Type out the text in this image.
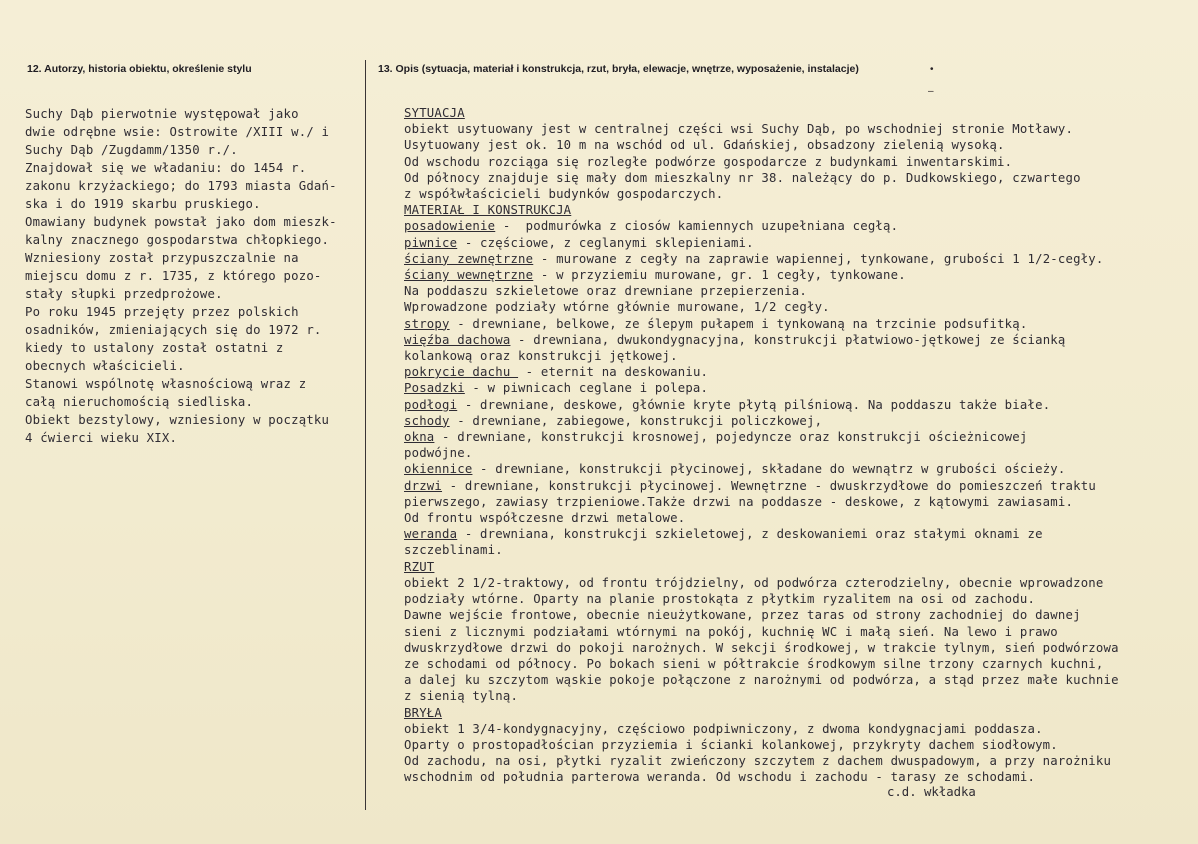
12. Autorzy, historia obiektu, określenie stylu	13. Opis (sytuacja, materiał i konstrukcja, rzut, bryła, elewacje, wnętrze, wyposażenie, instalacje)	•
–
Suchy Dąb pierwotnie występował jako
dwie odrębne wsie: Ostrowite /XIII w./ i
Suchy Dąb /Zugdamm/1350 r./.
Znajdował się we władaniu: do 1454 r.
zakonu krzyżackiego; do 1793 miasta Gdań-
ska i do 1919 skarbu pruskiego.
Omawiany budynek powstał jako dom mieszk-
kalny znacznego gospodarstwa chłopkiego.
Wzniesiony został przypuszczalnie na
miejscu domu z r. 1735, z którego pozo-
stały słupki przedprożowe.
Po roku 1945 przejęty przez polskich
osadników, zmieniających się do 1972 r.
kiedy to ustalony został ostatni z
obecnych właścicieli.
Stanowi wspólnotę własnościową wraz z
całą nieruchomością siedliska.
Obiekt bezstylowy, wzniesiony w początku
4 ćwierci wieku XIX.
SYTUACJA
obiekt usytuowany jest w centralnej części wsi Suchy Dąb, po wschodniej stronie Motławy.
Usytuowany jest ok. 10 m na wschód od ul. Gdańskiej, obsadzony zielenią wysoką.
Od wschodu rozciąga się rozległe podwórze gospodarcze z budynkami inwentarskimi.
Od północy znajduje się mały dom mieszkalny nr 38. należący do p. Dudkowskiego, czwartego
z współwłaścicieli budynków gospodarczych.
MATERIAŁ I KONSTRUKCJA
posadowienie -  podmurówka z ciosów kamiennych uzupełniana cegłą.
piwnice - częściowe, z ceglanymi sklepieniami.
ściany zewnętrzne - murowane z cegły na zaprawie wapiennej, tynkowane, grubości 1 1/2-cegły.
ściany wewnętrzne - w przyziemiu murowane, gr. 1 cegły, tynkowane.
Na poddaszu szkieletowe oraz drewniane przepierzenia.
Wprowadzone podziały wtórne głównie murowane, 1/2 cegły.
stropy - drewniane, belkowe, ze ślepym pułapem i tynkowaną na trzcinie podsufitką.
więźba dachowa - drewniana, dwukondygnacyjna, konstrukcji płatwiowo-jętkowej ze ścianką
kolankową oraz konstrukcji jętkowej.
pokrycie dachu  - eternit na deskowaniu.
Posadzki - w piwnicach ceglane i polepa.
podłogi - drewniane, deskowe, głównie kryte płytą pilśniową. Na poddaszu także białe.
schody - drewniane, zabiegowe, konstrukcji policzkowej,
okna - drewniane, konstrukcji krosnowej, pojedyncze oraz konstrukcji ościeżnicowej
podwójne.
okiennice - drewniane, konstrukcji płycinowej, składane do wewnątrz w grubości ościeży.
drzwi - drewniane, konstrukcji płycinowej. Wewnętrzne - dwuskrzydłowe do pomieszczeń traktu
pierwszego, zawiasy trzpieniowe.Także drzwi na poddasze - deskowe, z kątowymi zawiasami.
Od frontu współczesne drzwi metalowe.
weranda - drewniana, konstrukcji szkieletowej, z deskowaniemi oraz stałymi oknami ze
szczeblinami.
RZUT
obiekt 2 1/2-traktowy, od frontu trójdzielny, od podwórza czterodzielny, obecnie wprowadzone
podziały wtórne. Oparty na planie prostokąta z płytkim ryzalitem na osi od zachodu.
Dawne wejście frontowe, obecnie nieużytkowane, przez taras od strony zachodniej do dawnej
sieni z licznymi podziałami wtórnymi na pokój, kuchnię WC i małą sień. Na lewo i prawo
dwuskrzydłowe drzwi do pokoji narożnych. W sekcji środkowej, w trakcie tylnym, sień podwórzowa
ze schodami od północy. Po bokach sieni w półtrakcie środkowym silne trzony czarnych kuchni,
a dalej ku szczytom wąskie pokoje połączone z narożnymi od podwórza, a stąd przez małe kuchnie
z sienią tylną.
BRYŁA
obiekt 1 3/4-kondygnacyjny, częściowo podpiwniczony, z dwoma kondygnacjami poddasza.
Oparty o prostopadłościan przyziemia i ścianki kolankowej, przykryty dachem siodłowym.
Od zachodu, na osi, płytki ryzalit zwieńczony szczytem z dachem dwuspadowym, a przy narożniku
wschodnim od południa parterowa weranda. Od wschodu i zachodu - tarasy ze schodami.
c.d. wkładka
